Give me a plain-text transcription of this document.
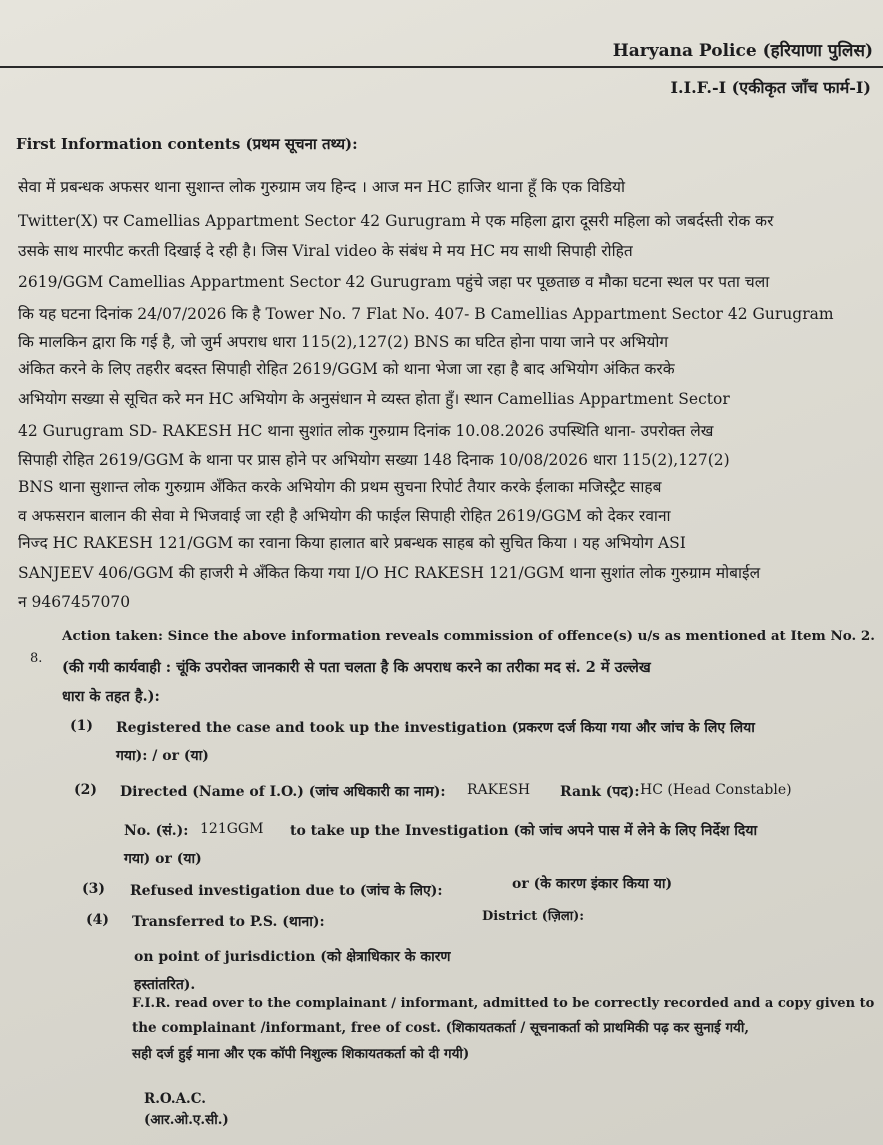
Haryana Police (हरियाणा पुलिस)
I.I.F.-I (एकीकृत जाँच फार्म-I)
First Information contents (प्रथम सूचना तथ्य):
सेवा में प्रबन्धक अफसर थाना सुशान्त लोक गुरुग्राम जय हिन्द । आज मन HC हाजिर थाना हूँ कि एक विडियो
Twitter(X) पर Camellias Appartment Sector 42 Gurugram मे एक महिला द्वारा दूसरी महिला को जबर्दस्ती रोक कर
उसके साथ मारपीट करती दिखाई दे रही है। जिस Viral video के संबंध मे मय HC मय साथी सिपाही रोहित
2619/GGM Camellias Appartment Sector 42 Gurugram पहुंचे जहा पर पूछताछ व मौका घटना स्थल पर पता चला
कि यह घटना दिनांक 24/07/2026 कि है Tower No. 7 Flat No. 407- B Camellias Appartment Sector 42 Gurugram
कि मालकिन द्वारा कि गई है, जो जुर्म अपराध धारा 115(2),127(2) BNS का घटित होना पाया जाने पर अभियोग
अंकित करने के लिए तहरीर बदस्त सिपाही रोहित 2619/GGM को थाना भेजा जा रहा है बाद अभियोग अंकित करके
अभियोग सख्या से सूचित करे मन HC अभियोग के अनुसंधान मे व्यस्त होता हुँ। स्थान Camellias Appartment Sector
42 Gurugram SD- RAKESH HC थाना सुशांत लोक गुरुग्राम दिनांक 10.08.2026 उपस्थिति थाना- उपरोक्त लेख
सिपाही रोहित 2619/GGM के थाना पर प्रास होने पर अभियोग सख्या 148 दिनाक 10/08/2026 धारा 115(2),127(2)
BNS थाना सुशान्त लोक गुरुग्राम अँकित करके अभियोग की प्रथम सुचना रिपोर्ट तैयार करके ईलाका मजिस्ट्रैट साहब
व अफसरान बालान की सेवा मे भिजवाई जा रही है अभियोग की फाईल सिपाही रोहित 2619/GGM को देकर रवाना
निज्द HC RAKESH 121/GGM का रवाना किया हालात बारे प्रबन्धक साहब को सुचित किया । यह अभियोग ASI
SANJEEV 406/GGM की हाजरी मे अँकित किया गया I/O HC RAKESH 121/GGM थाना सुशांत लोक गुरुग्राम मोबाईल
न 9467457070
8.
Action taken: Since the above information reveals commission of offence(s) u/s as mentioned at Item No. 2.
(की गयी कार्यवाही : चूंकि उपरोक्त जानकारी से पता चलता है कि अपराध करने का तरीका मद सं. 2 में उल्लेख
धारा के तहत है.):
(1) Registered the case and took up the investigation (प्रकरण दर्ज किया गया और जांच के लिए लिया
गया): / or (या)
(2) Directed (Name of I.O.) (जांच अधिकारी का नाम): RAKESH Rank (पद): HC (Head Constable)
No. (सं.): 121GGM to take up the Investigation (को जांच अपने पास में लेने के लिए निर्देश दिया
गया) or (या)
(3) Refused investigation due to (जांच के लिए):	or (के कारण इंकार किया या)
(4) Transferred to P.S. (थाना):	District (ज़िला):
on point of jurisdiction (को क्षेत्राधिकार के कारण
हस्तांतरित).
F.I.R. read over to the complainant / informant, admitted to be correctly recorded and a copy given to
the complainant /informant, free of cost. (शिकायतकर्ता / सूचनाकर्ता को प्राथमिकी पढ़ कर सुनाई गयी,
सही दर्ज हुई माना और एक कॉपी निशुल्क शिकायतकर्ता को दी गयी)
R.O.A.C.
(आर.ओ.ए.सी.)
